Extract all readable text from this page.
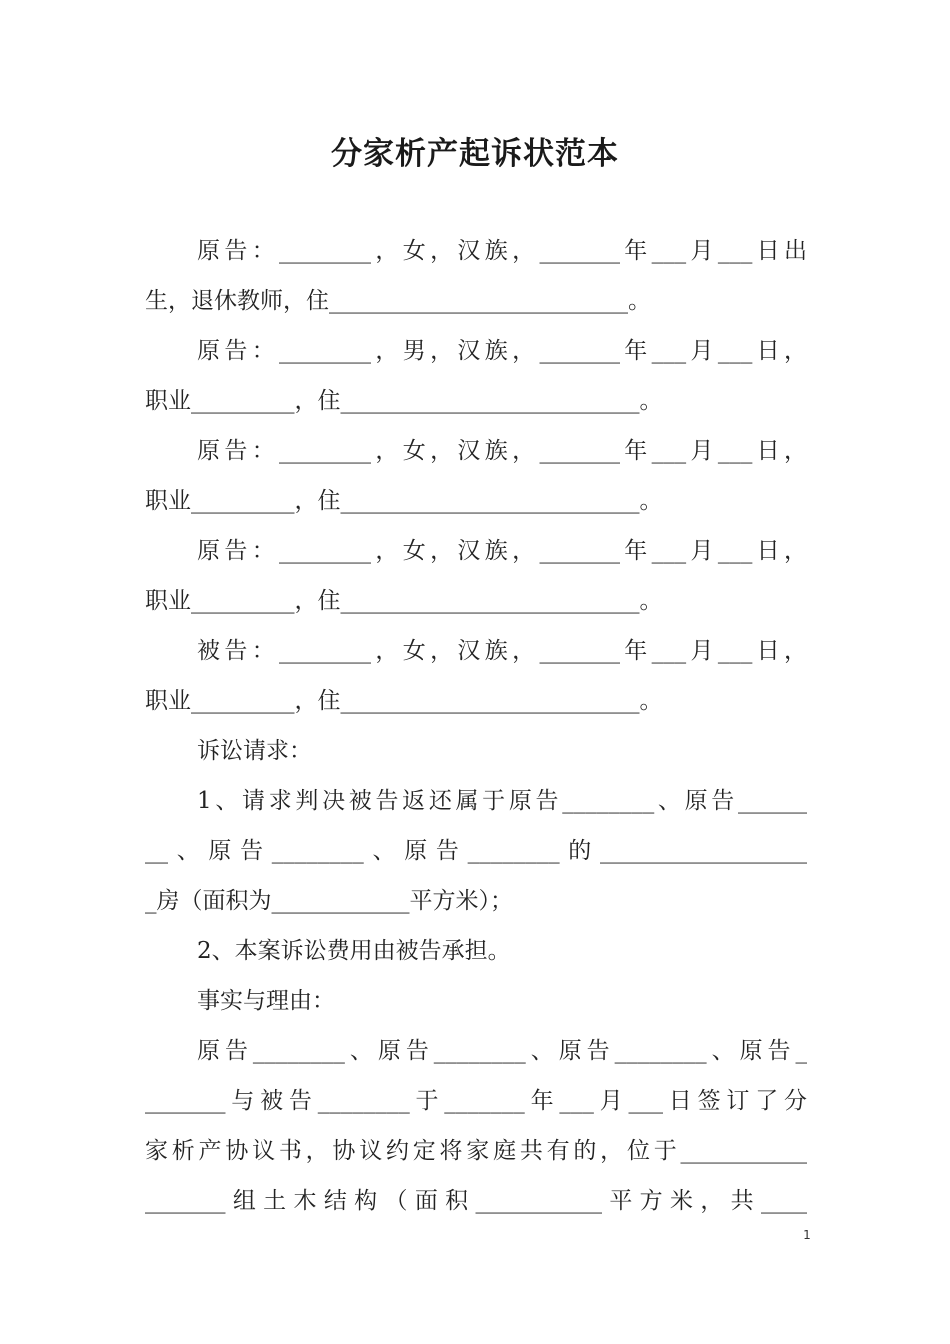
分家析产起诉状范本
原告：________，女，汉族，_______年___月___日出
生，退休教师，住__________________________。
原告：________，男，汉族，_______年___月___日，
职业_________，住__________________________。
原告：________，女，汉族，_______年___月___日，
职业_________，住__________________________。
原告：________，女，汉族，_______年___月___日，
职业_________，住__________________________。
被告：________，女，汉族，_______年___月___日，
职业_________，住__________________________。
诉讼请求：
1、请求判决被告返还属于原告________、原告______
__、原告________、原告________的__________________
_房（面积为____________平方米）；
2、本案诉讼费用由被告承担。
事实与理由：
原告________、原告________、原告________、原告_
_______与被告________于_______年___月___日签订了分
家析产协议书，协议约定将家庭共有的，位于___________
_______组土木结构（面积___________平方米，共____
1
